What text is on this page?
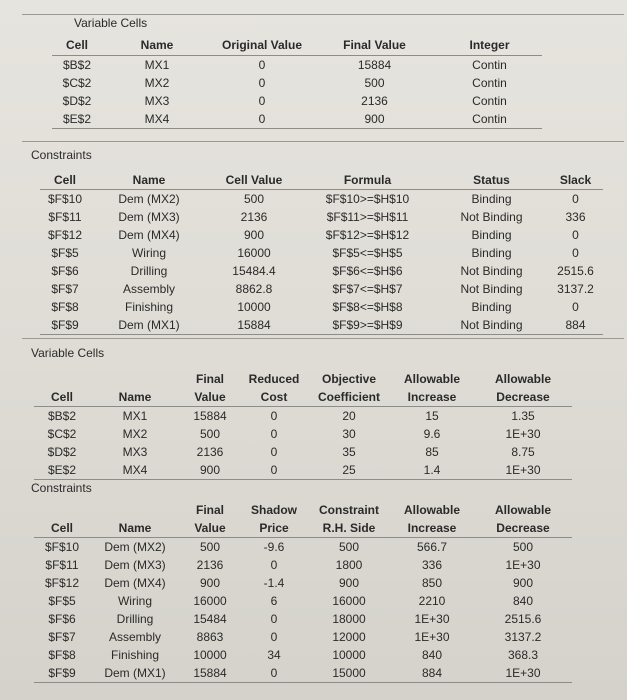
Variable Cells
Cell	Name	Original Value	Final Value	Integer
$B$2	MX1	0	15884	Contin
$C$2	MX2	0	500	Contin
$D$2	MX3	0	2136	Contin
$E$2	MX4	0	900	Contin
Constraints
Cell	Name	Cell Value	Formula	Status	Slack
$F$10	Dem (MX2)	500	$F$10>=$H$10	Binding	0
$F$11	Dem (MX3)	2136	$F$11>=$H$11	Not Binding	336
$F$12	Dem (MX4)	900	$F$12>=$H$12	Binding	0
$F$5	Wiring	16000	$F$5<=$H$5	Binding	0
$F$6	Drilling	15484.4	$F$6<=$H$6	Not Binding	2515.6
$F$7	Assembly	8862.8	$F$7<=$H$7	Not Binding	3137.2
$F$8	Finishing	10000	$F$8<=$H$8	Binding	0
$F$9	Dem (MX1)	15884	$F$9>=$H$9	Not Binding	884
Variable Cells
		Final	Reduced	Objective	Allowable	Allowable
Cell	Name	Value	Cost	Coefficient	Increase	Decrease
$B$2	MX1	15884	0	20	15	1.35
$C$2	MX2	500	0	30	9.6	1E+30
$D$2	MX3	2136	0	35	85	8.75
$E$2	MX4	900	0	25	1.4	1E+30
Constraints
		Final	Shadow	Constraint	Allowable	Allowable
Cell	Name	Value	Price	R.H. Side	Increase	Decrease
$F$10	Dem (MX2)	500	-9.6	500	566.7	500
$F$11	Dem (MX3)	2136	0	1800	336	1E+30
$F$12	Dem (MX4)	900	-1.4	900	850	900
$F$5	Wiring	16000	6	16000	2210	840
$F$6	Drilling	15484	0	18000	1E+30	2515.6
$F$7	Assembly	8863	0	12000	1E+30	3137.2
$F$8	Finishing	10000	34	10000	840	368.3
$F$9	Dem (MX1)	15884	0	15000	884	1E+30
